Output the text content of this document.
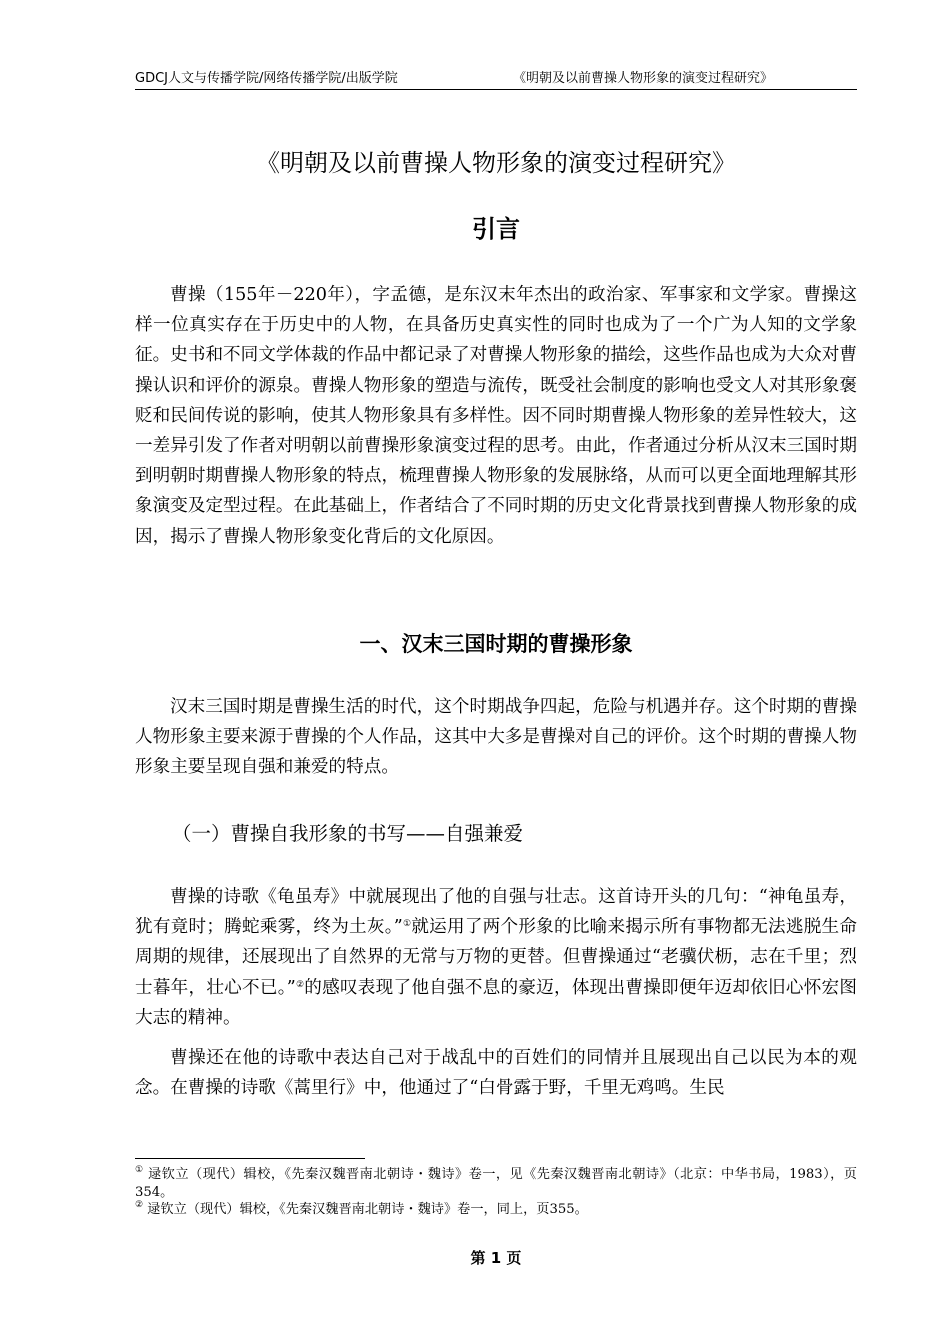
GDCJ人文与传播学院/网络传播学院/出版学院	《明朝及以前曹操人物形象的演变过程研究》
《明朝及以前曹操人物形象的演变过程研究》
引言

曹操（155年－220年），字孟德，是东汉末年杰出的政治家、军事家和文学家。曹操这样一位真实存在于历史中的人物，在具备历史真实性的同时也成为了一个广为人知的文学象征。史书和不同文学体裁的作品中都记录了对曹操人物形象的描绘，这些作品也成为大众对曹操认识和评价的源泉。曹操人物形象的塑造与流传，既受社会制度的影响也受文人对其形象褒贬和民间传说的影响，使其人物形象具有多样性。因不同时期曹操人物形象的差异性较大，这一差异引发了作者对明朝以前曹操形象演变过程的思考。由此，作者通过分析从汉末三国时期到明朝时期曹操人物形象的特点，梳理曹操人物形象的发展脉络，从而可以更全面地理解其形象演变及定型过程。在此基础上，作者结合了不同时期的历史文化背景找到曹操人物形象的成因，揭示了曹操人物形象变化背后的文化原因。

一、汉末三国时期的曹操形象

汉末三国时期是曹操生活的时代，这个时期战争四起，危险与机遇并存。这个时期的曹操人物形象主要来源于曹操的个人作品，这其中大多是曹操对自己的评价。这个时期的曹操人物形象主要呈现自强和兼爱的特点。

（一）曹操自我形象的书写——自强兼爱

曹操的诗歌《龟虽寿》中就展现出了他的自强与壮志。这首诗开头的几句：“神龟虽寿，犹有竟时；腾蛇乘雾，终为土灰。”①就运用了两个形象的比喻来揭示所有事物都无法逃脱生命周期的规律，还展现出了自然界的无常与万物的更替。但曹操通过“老骥伏枥，志在千里；烈士暮年，壮心不已。”②的感叹表现了他自强不息的豪迈，体现出曹操即便年迈却依旧心怀宏图大志的精神。

曹操还在他的诗歌中表达自己对于战乱中的百姓们的同情并且展现出自己以民为本的观念。在曹操的诗歌《蒿里行》中，他通过了“白骨露于野，千里无鸡鸣。生民

① 逯钦立（现代）辑校，《先秦汉魏晋南北朝诗・魏诗》卷一，见《先秦汉魏晋南北朝诗》（北京：中华书局，1983），页354。

② 逯钦立（现代）辑校，《先秦汉魏晋南北朝诗・魏诗》卷一，同上，页355。

第 1 页
